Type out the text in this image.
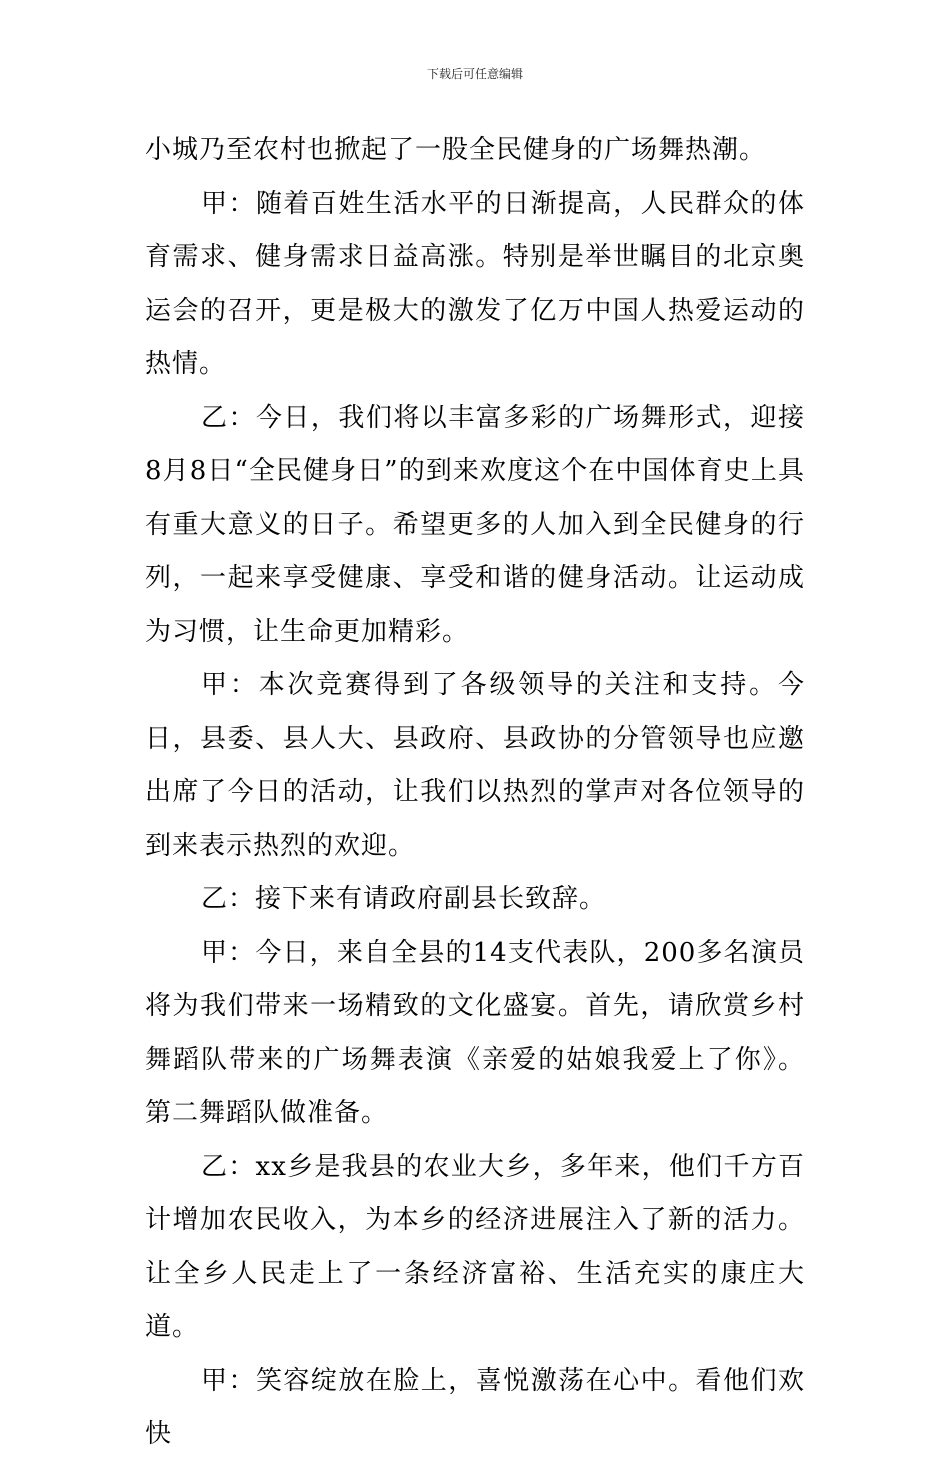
下载后可任意编辑

小城乃至农村也掀起了一股全民健身的广场舞热潮。

甲：随着百姓生活水平的日渐提高，人民群众的体育需求、健身需求日益高涨。特别是举世瞩目的北京奥运会的召开，更是极大的激发了亿万中国人热爱运动的热情。

乙：今日，我们将以丰富多彩的广场舞形式，迎接8月8日“全民健身日”的到来欢度这个在中国体育史上具有重大意义的日子。希望更多的人加入到全民健身的行列，一起来享受健康、享受和谐的健身活动。让运动成为习惯，让生命更加精彩。

甲：本次竞赛得到了各级领导的关注和支持。今日，县委、县人大、县政府、县政协的分管领导也应邀出席了今日的活动，让我们以热烈的掌声对各位领导的到来表示热烈的欢迎。

乙：接下来有请政府副县长致辞。

甲：今日，来自全县的14支代表队，200多名演员将为我们带来一场精致的文化盛宴。首先，请欣赏乡村舞蹈队带来的广场舞表演《亲爱的姑娘我爱上了你》。第二舞蹈队做准备。

乙：xx乡是我县的农业大乡，多年来，他们千方百计增加农民收入，为本乡的经济进展注入了新的活力。让全乡人民走上了一条经济富裕、生活充实的康庄大道。

甲：笑容绽放在脸上，喜悦激荡在心中。看他们欢快
